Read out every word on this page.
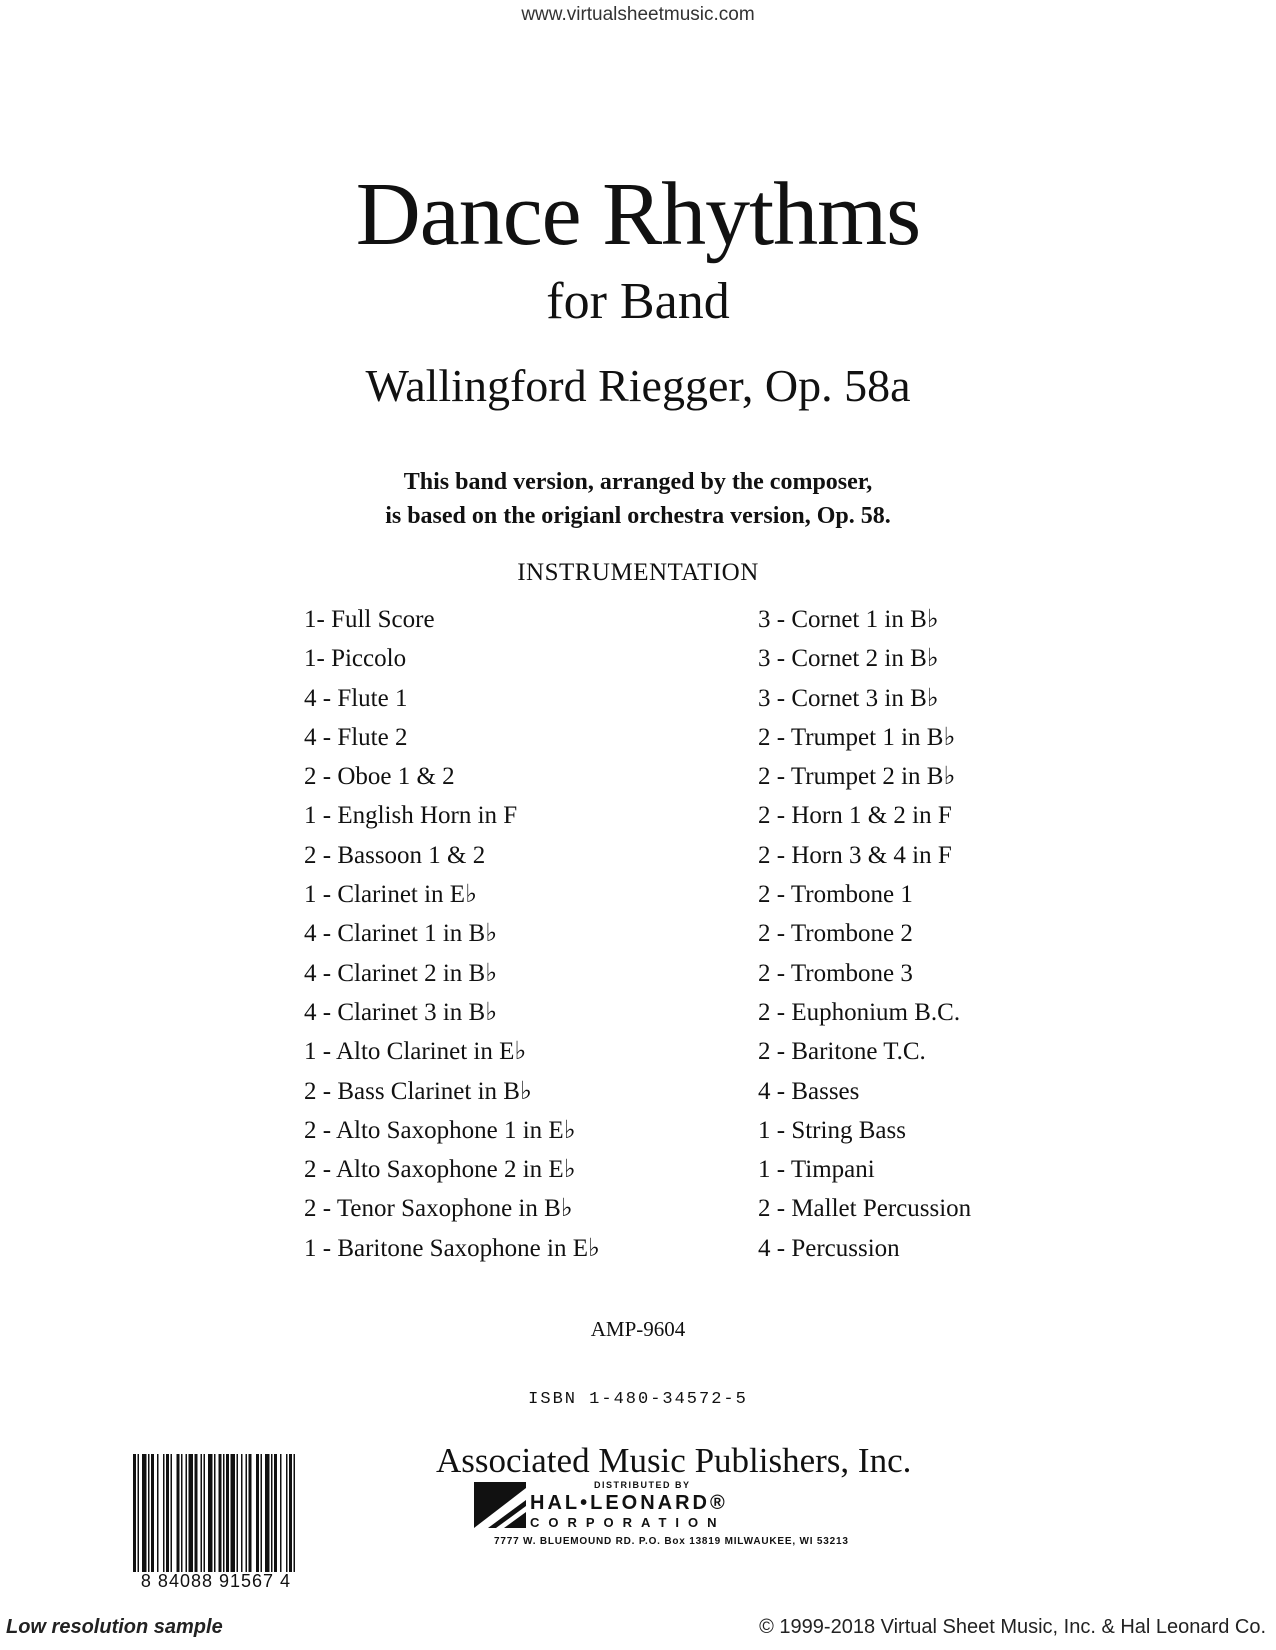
www.virtualsheetmusic.com
Dance Rhythms
for Band
Wallingford Riegger, Op. 58a
This band version, arranged by the composer,
is based on the origianl orchestra version, Op. 58.
INSTRUMENTATION
1- Full Score
1- Piccolo
4 - Flute 1
4 - Flute 2
2 - Oboe 1 & 2
1 - English Horn in F
2 - Bassoon 1 & 2
1 - Clarinet in E♭
4 - Clarinet 1 in B♭
4 - Clarinet 2 in B♭
4 - Clarinet 3 in B♭
1 - Alto Clarinet in E♭
2 - Bass Clarinet in B♭
2 - Alto Saxophone 1 in E♭
2 - Alto Saxophone 2 in E♭
2 - Tenor Saxophone in B♭
1 - Baritone Saxophone in E♭
3 - Cornet 1 in B♭
3 - Cornet 2 in B♭
3 - Cornet 3 in B♭
2 - Trumpet 1 in B♭
2 - Trumpet 2 in B♭
2 - Horn 1 & 2 in F
2 - Horn 3 & 4 in F
2 - Trombone 1
2 - Trombone 2
2 - Trombone 3
2 - Euphonium B.C.
2 - Baritone T.C.
4 - Basses
1 - String Bass
1 - Timpani
2 - Mallet Percussion
4 - Percussion
AMP-9604
ISBN 1-480-34572-5
Associated Music Publishers, Inc.
8 84088 91567 4
DISTRIBUTED BY
HAL•LEONARD®
CORPORATION
7777 W. BLUEMOUND RD. P.O. Box 13819 MILWAUKEE, WI 53213
Low resolution sample	© 1999-2018 Virtual Sheet Music, Inc. & Hal Leonard Co.
